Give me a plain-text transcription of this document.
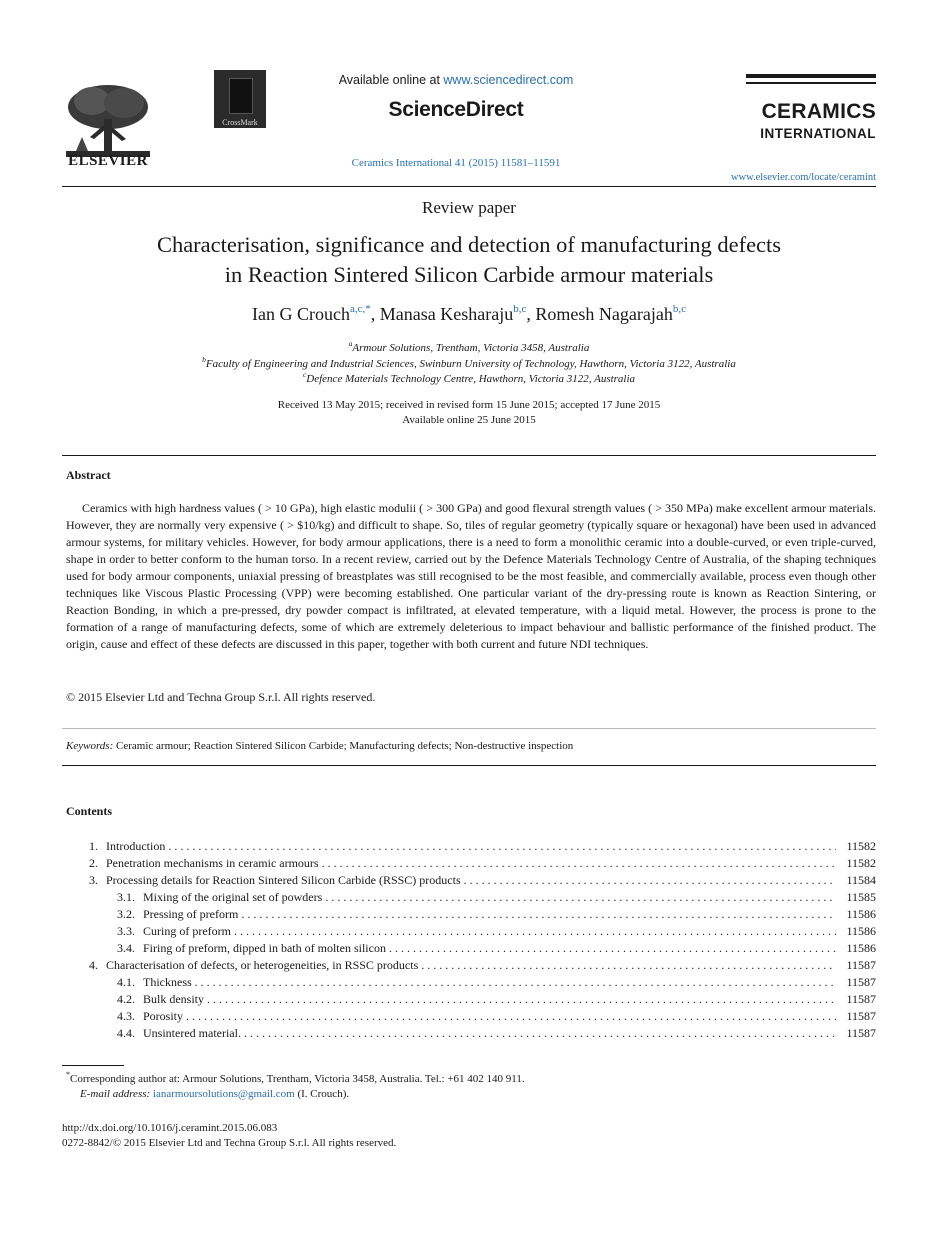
ELSEVIER
CrossMark
Available online at www.sciencedirect.com
ScienceDirect
Ceramics International 41 (2015) 11581–11591
CERAMICS
INTERNATIONAL
www.elsevier.com/locate/ceramint
Review paper
Characterisation, significance and detection of manufacturing defects
in Reaction Sintered Silicon Carbide armour materials
Ian G Crouch$^{a,c,*}$, Manasa Kesharaju$^{b,c}$, Romesh Nagarajah$^{b,c}$
$^a$Armour Solutions, Trentham, Victoria 3458, Australia
$^b$Faculty of Engineering and Industrial Sciences, Swinburn University of Technology, Hawthorn, Victoria 3122, Australia
$^c$Defence Materials Technology Centre, Hawthorn, Victoria 3122, Australia
Received 13 May 2015; received in revised form 15 June 2015; accepted 17 June 2015
Available online 25 June 2015
Abstract

Ceramics with high hardness values ( > 10 GPa), high elastic modulii ( > 300 GPa) and good flexural strength values ( > 350 MPa) make excellent armour materials. However, they are normally very expensive ( > $10/kg) and difficult to shape. So, tiles of regular geometry (typically square or hexagonal) have been used in advanced armour systems, for military vehicles. However, for body armour applications, there is a need to form a monolithic ceramic into a double-curved, or even triple-curved, shape in order to better conform to the human torso. In a recent review, carried out by the Defence Materials Technology Centre of Australia, of the shaping techniques used for body armour components, uniaxial pressing of breastplates was still recognised to be the most feasible, and commercially available, process even though other techniques like Viscous Plastic Processing (VPP) were becoming established. One particular variant of the dry-pressing route is known as Reaction Sintering, or Reaction Bonding, in which a pre-pressed, dry powder compact is infiltrated, at elevated temperature, with a liquid metal. However, the process is prone to the formation of a range of manufacturing defects, some of which are extremely deleterious to impact behaviour and ballistic performance of the finished product. The origin, cause and effect of these defects are discussed in this paper, together with both current and future NDI techniques.

© 2015 Elsevier Ltd and Techna Group S.r.l. All rights reserved.
Keywords: Ceramic armour; Reaction Sintered Silicon Carbide; Manufacturing defects; Non-destructive inspection
Contents
1. Introduction . . .	11582
2. Penetration mechanisms in ceramic armours . . .	11582
3. Processing details for Reaction Sintered Silicon Carbide (RSSC) products . . .	11584
3.1. Mixing of the original set of powders . . .	11585
3.2. Pressing of preform . . .	11586
3.3. Curing of preform . . .	11586
3.4. Firing of preform, dipped in bath of molten silicon . . .	11586
4. Characterisation of defects, or heterogeneities, in RSSC products . . .	11587
4.1. Thickness . . .	11587
4.2. Bulk density . . .	11587
4.3. Porosity . . .	11587
4.4. Unsintered material. . . .	11587
*Corresponding author at: Armour Solutions, Trentham, Victoria 3458, Australia. Tel.: +61 402 140 911.
E-mail address: ianarmoursolutions@gmail.com (I. Crouch).
http://dx.doi.org/10.1016/j.ceramint.2015.06.083
0272-8842/© 2015 Elsevier Ltd and Techna Group S.r.l. All rights reserved.
